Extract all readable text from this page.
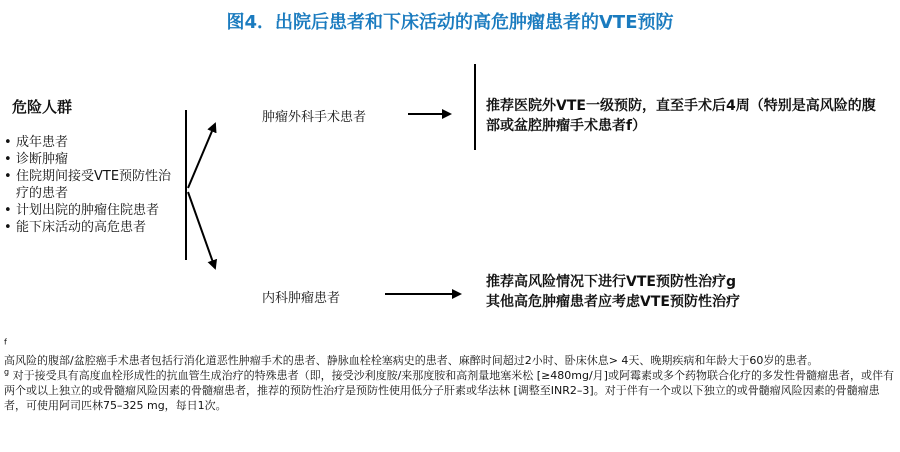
图4．出院后患者和下床活动的高危肿瘤患者的VTE预防
危险人群
• 成年患者
• 诊断肿瘤
• 住院期间接受VTE预防性治疗的患者
• 计划出院的肿瘤住院患者
• 能下床活动的高危患者
肿瘤外科手术患者
内科肿瘤患者
推荐医院外VTE一级预防，直至手术后4周（特别是高风险的腹部或盆腔肿瘤手术患者f）
推荐高风险情况下进行VTE预防性治疗g
其他高危肿瘤患者应考虑VTE预防性治疗
$^f$
高风险的腹部/盆腔癌手术患者包括行消化道恶性肿瘤手术的患者、静脉血栓栓塞病史的患者、麻醉时间超过2小时、卧床休息> 4天、晚期疾病和年龄大于60岁的患者。
$^g$ 对于接受具有高度血栓形成性的抗血管生成治疗的特殊患者（即，接受沙利度胺/来那度胺和高剂量地塞米松 [≥480mg/月]或阿霉素或多个药物联合化疗的多发性骨髓瘤患者，或伴有两个或以上独立的或骨髓瘤风险因素的骨髓瘤患者，推荐的预防性治疗是预防性使用低分子肝素或华法林 [调整至INR2–3]。对于伴有一个或以下独立的或骨髓瘤风险因素的骨髓瘤患者，可使用阿司匹林75–325 mg，每日1次。
